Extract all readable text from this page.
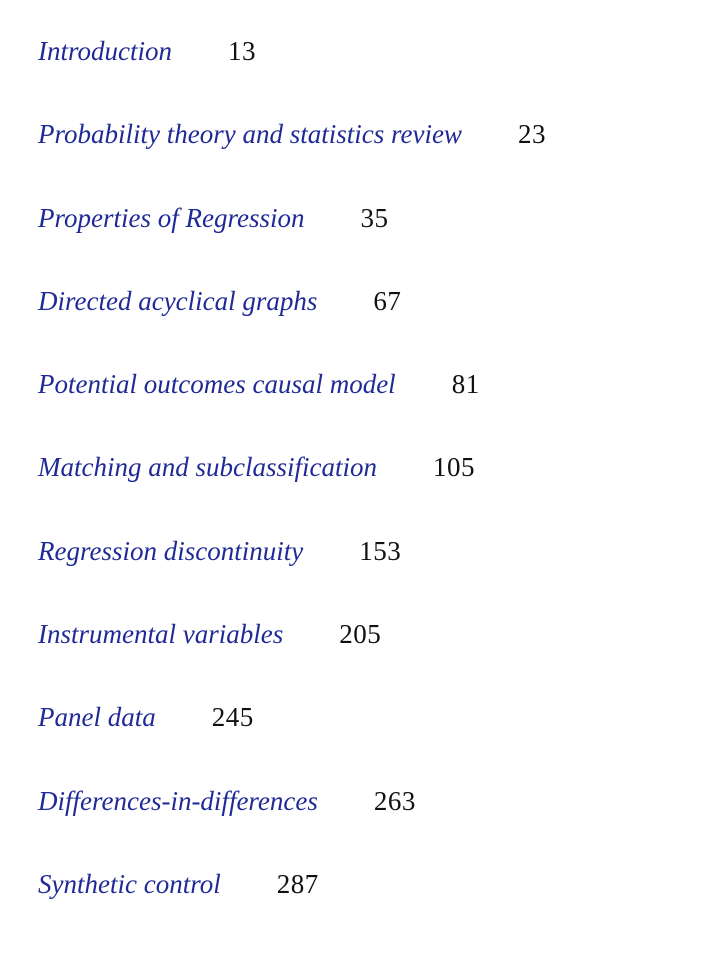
Introduction 13
Probability theory and statistics review 23
Properties of Regression 35
Directed acyclical graphs 67
Potential outcomes causal model 81
Matching and subclassification 105
Regression discontinuity 153
Instrumental variables 205
Panel data 245
Differences-in-differences 263
Synthetic control 287
